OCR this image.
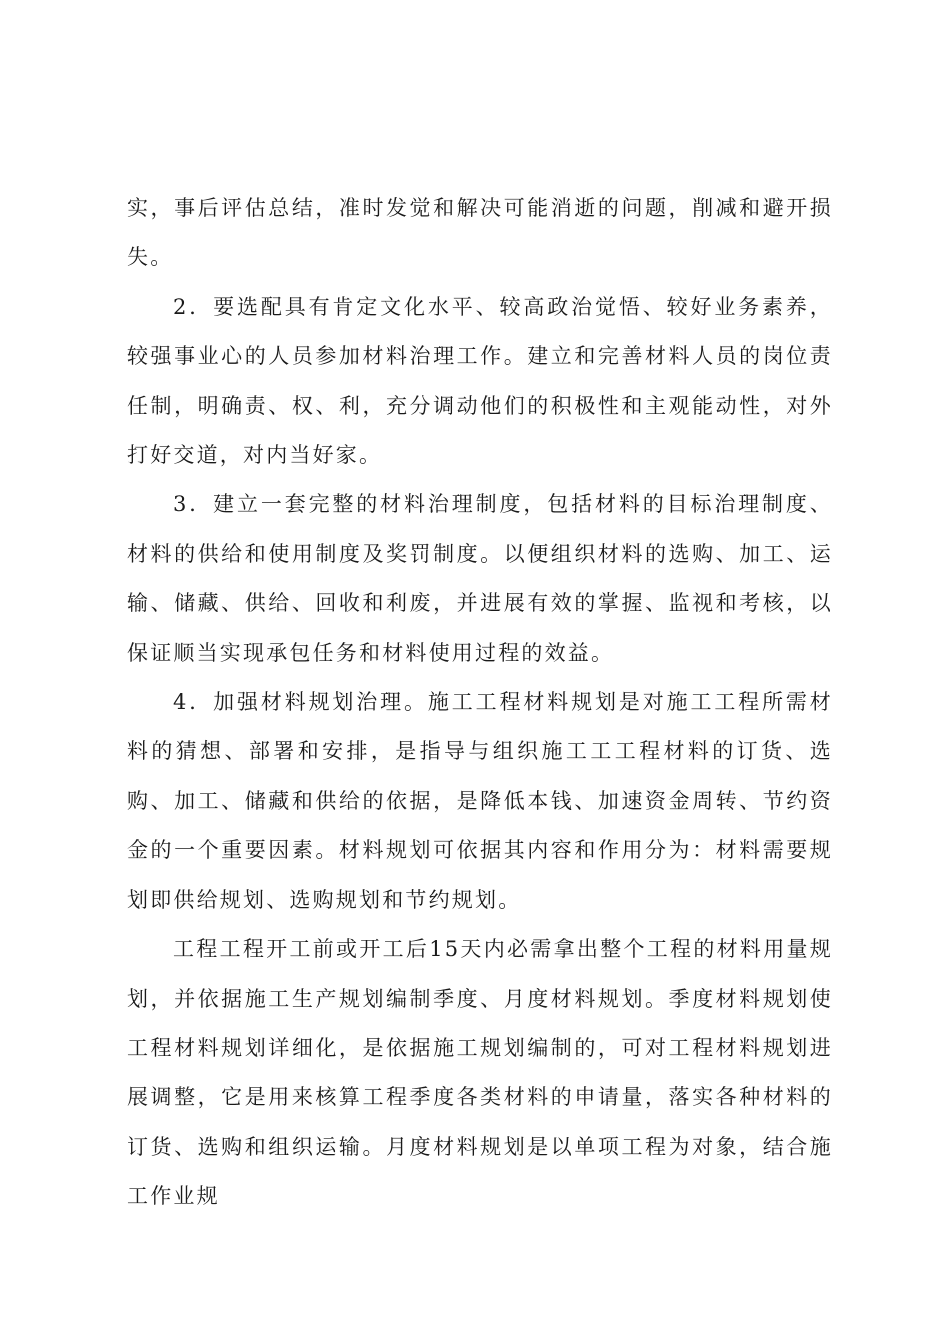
实，事后评估总结，准时发觉和解决可能消逝的问题，削减和避开损失。

2．要选配具有肯定文化水平、较高政治觉悟、较好业务素养，较强事业心的人员参加材料治理工作。建立和完善材料人员的岗位责任制，明确责、权、利，充分调动他们的积极性和主观能动性，对外打好交道，对内当好家。

3．建立一套完整的材料治理制度，包括材料的目标治理制度、材料的供给和使用制度及奖罚制度。以便组织材料的选购、加工、运输、储藏、供给、回收和利废，并进展有效的掌握、监视和考核，以保证顺当实现承包任务和材料使用过程的效益。

4．加强材料规划治理。施工工程材料规划是对施工工程所需材料的猜想、部署和安排，是指导与组织施工工工程材料的订货、选购、加工、储藏和供给的依据，是降低本钱、加速资金周转、节约资金的一个重要因素。材料规划可依据其内容和作用分为：材料需要规划即供给规划、选购规划和节约规划。

工程工程开工前或开工后15天内必需拿出整个工程的材料用量规划，并依据施工生产规划编制季度、月度材料规划。季度材料规划使工程材料规划详细化，是依据施工规划编制的，可对工程材料规划进展调整，它是用来核算工程季度各类材料的申请量，落实各种材料的订货、选购和组织运输。月度材料规划是以单项工程为对象，结合施工作业规
